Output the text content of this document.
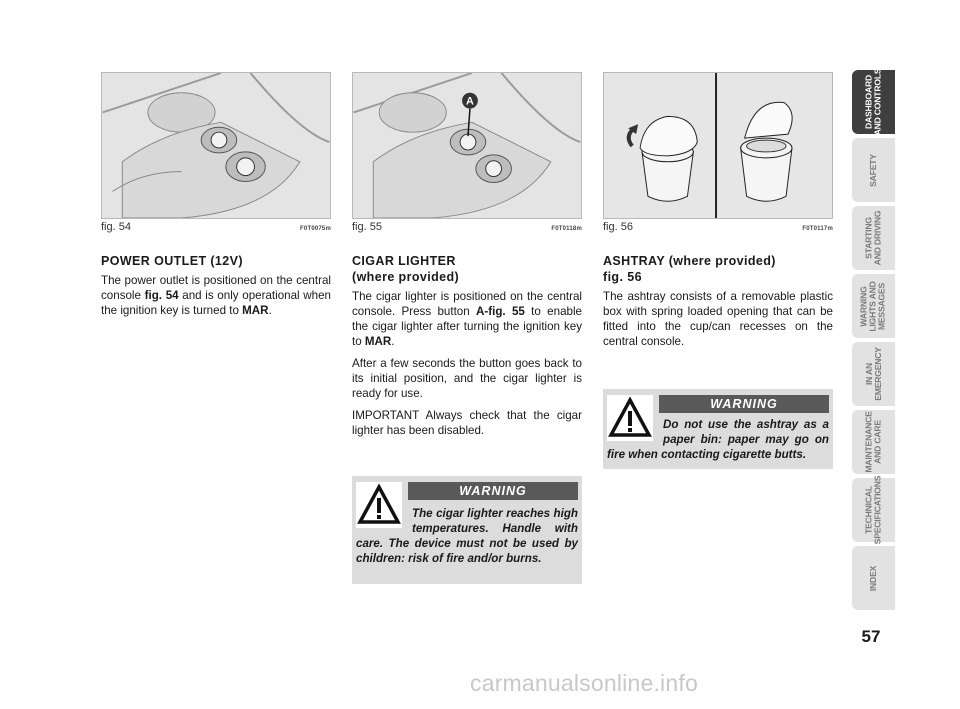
fig. 54	F0T0075m
POWER OUTLET (12V)

The power outlet is positioned on the central console fig. 54 and is only operational when the ignition key is turned to MAR.

A
fig. 55	F0T0118m
CIGAR LIGHTER
(where provided)

The cigar lighter is positioned on the central console. Press button A-fig. 55 to enable the cigar lighter after turning the ignition key to MAR.

After a few seconds the button goes back to its initial position, and the cigar lighter is ready for use.

IMPORTANT Always check that the cigar lighter has been disabled.

fig. 56	F0T0117m
ASHTRAY (where provided)
fig. 56

The ashtray consists of a removable plastic box with spring loaded opening that can be fitted into the cup/can recesses on the central console.

WARNING
The cigar lighter reaches high temperatures. Handle with care. The device must not be used by children: risk of fire and/or burns.
WARNING
Do not use the ashtray as a paper bin: paper may go on fire when contacting cigarette butts.
DASHBOARD AND CONTROLS
SAFETY
STARTING AND DRIVING
WARNING LIGHTS AND MESSAGES
IN AN EMERGENCY
MAINTENANCE AND CARE
TECHNICAL SPECIFICATIONS
INDEX
57
carmanualsonline.info
